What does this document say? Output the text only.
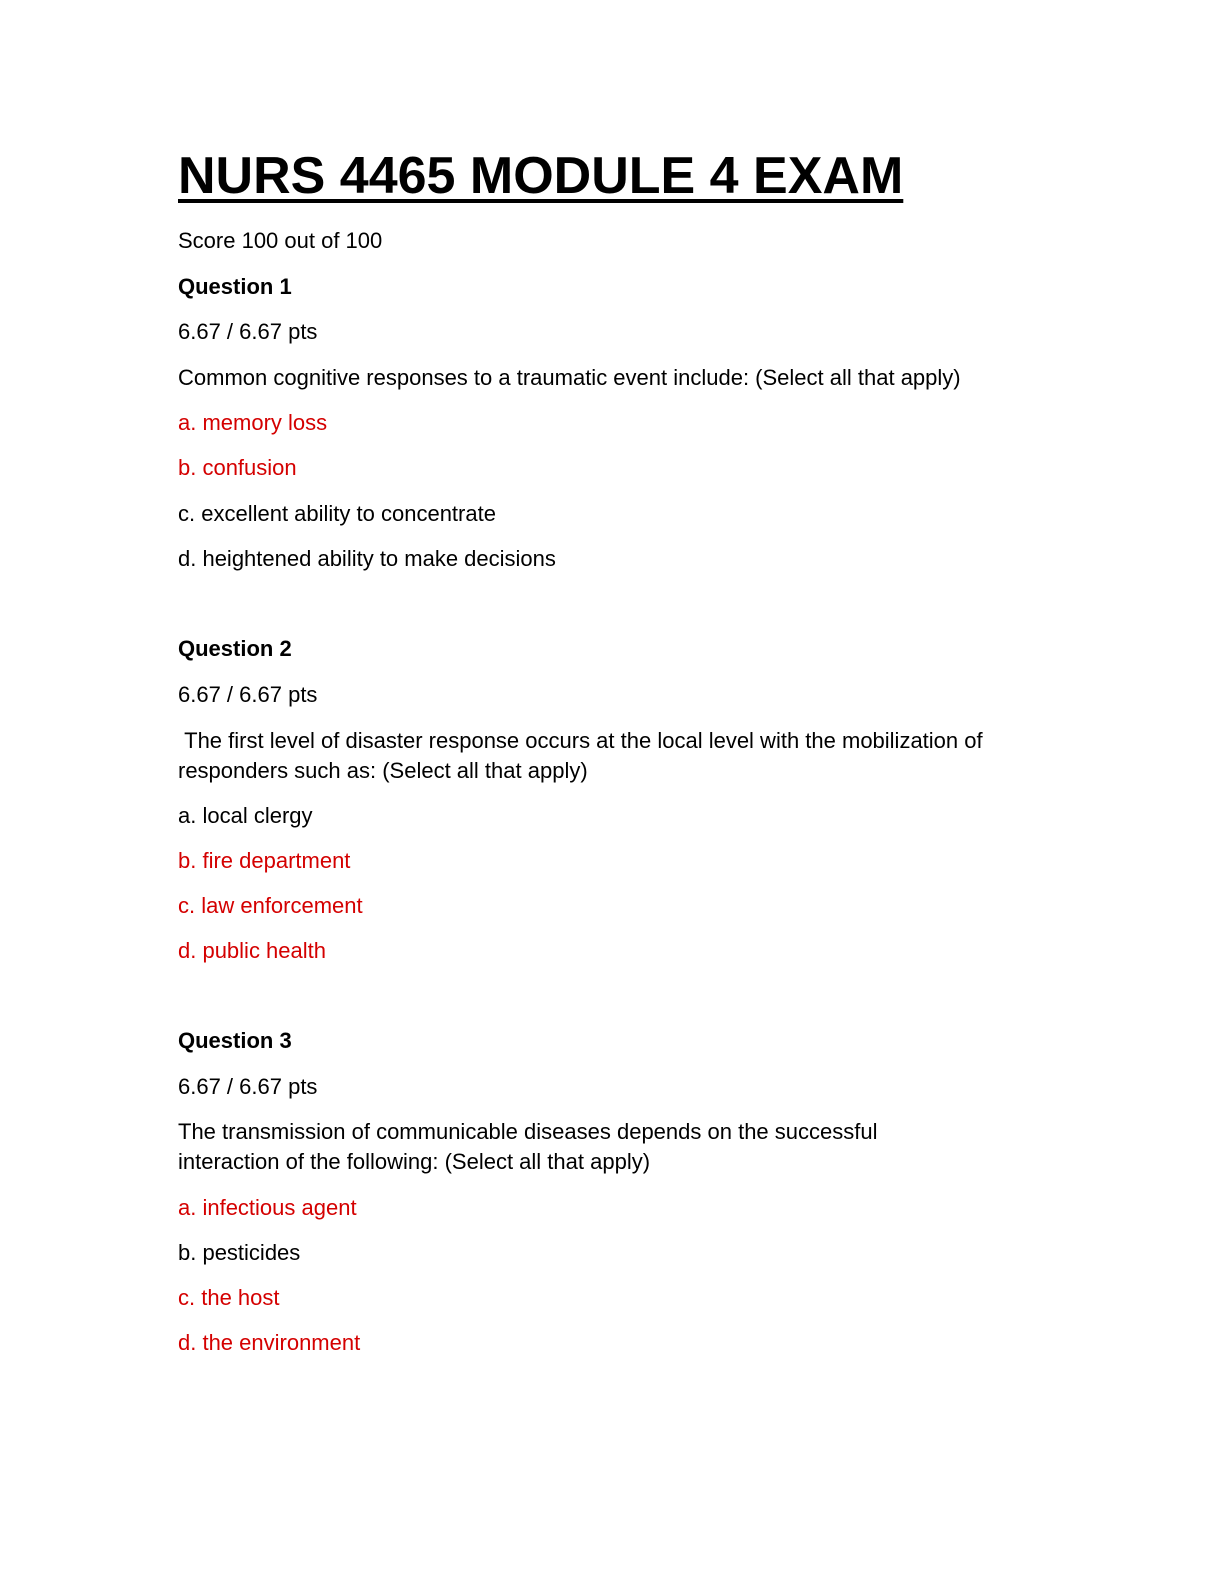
NURS 4465 MODULE 4 EXAM
Score 100 out of 100
Question 1
6.67 / 6.67 pts
Common cognitive responses to a traumatic event include: (Select all that apply)
a. memory loss
b. confusion
c. excellent ability to concentrate
d. heightened ability to make decisions
Question 2
6.67 / 6.67 pts
The first level of disaster response occurs at the local level with the mobilization of responders such as: (Select all that apply)
a. local clergy
b. fire department
c. law enforcement
d. public health
Question 3
6.67 / 6.67 pts
The transmission of communicable diseases depends on the successful interaction of the following: (Select all that apply)
a. infectious agent
b. pesticides
c. the host
d. the environment
